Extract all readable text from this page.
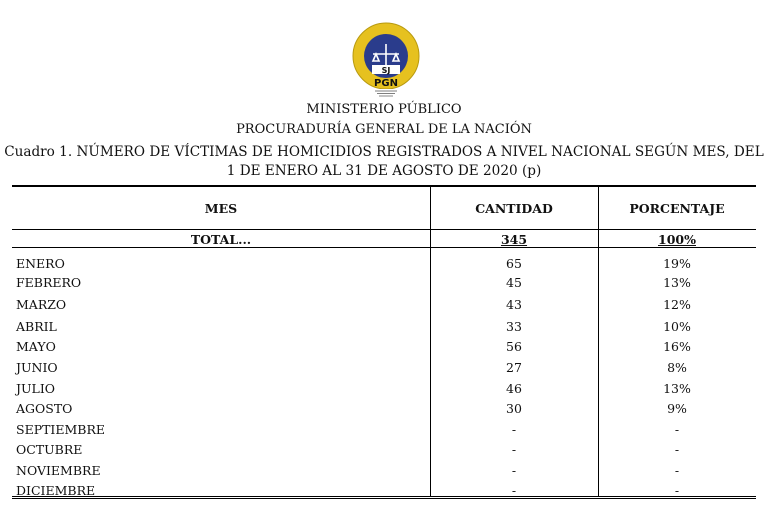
SJ
PGN
MINISTERIO PÚBLICO
PROCURADURÍA GENERAL DE LA NACIÓN
Cuadro 1. NÚMERO DE VÍCTIMAS DE HOMICIDIOS REGISTRADOS A NIVEL NACIONAL SEGÚN MES, DEL
1 DE ENERO AL 31 DE AGOSTO DE 2020 (p)
MES	CANTIDAD	PORCENTAJE
TOTAL...	345	100%
ENERO	65	19%
FEBRERO	45	13%
MARZO	43	12%
ABRIL	33	10%
MAYO	56	16%
JUNIO	27	8%
JULIO	46	13%
AGOSTO	30	9%
SEPTIEMBRE	-	-
OCTUBRE	-	-
NOVIEMBRE	-	-
DICIEMBRE	-	-
